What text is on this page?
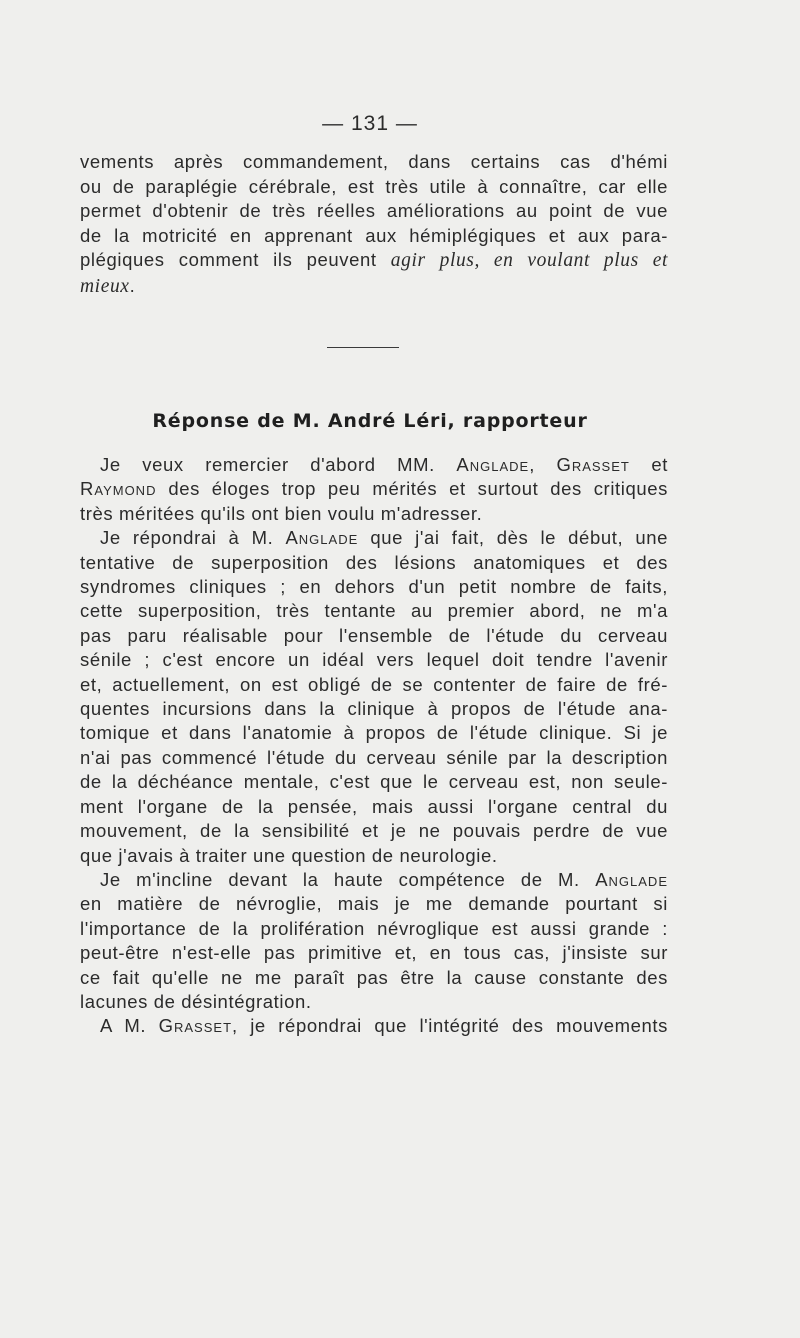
— 131 —
vements après commandement, dans certains cas d'hémi
ou de paraplégie cérébrale, est très utile à connaître, car elle
permet d'obtenir de très réelles améliorations au point de vue
de la motricité en apprenant aux hémiplégiques et aux para-
plégiques comment ils peuvent agir plus, en voulant plus et
mieux.
Réponse de M. André Léri, rapporteur
Je veux remercier d'abord MM. Anglade, Grasset et
Raymond des éloges trop peu mérités et surtout des critiques
très méritées qu'ils ont bien voulu m'adresser.
Je répondrai à M. Anglade que j'ai fait, dès le début, une
tentative de superposition des lésions anatomiques et des
syndromes cliniques ; en dehors d'un petit nombre de faits,
cette superposition, très tentante au premier abord, ne m'a
pas paru réalisable pour l'ensemble de l'étude du cerveau
sénile ; c'est encore un idéal vers lequel doit tendre l'avenir
et, actuellement, on est obligé de se contenter de faire de fré-
quentes incursions dans la clinique à propos de l'étude ana-
tomique et dans l'anatomie à propos de l'étude clinique. Si je
n'ai pas commencé l'étude du cerveau sénile par la description
de la déchéance mentale, c'est que le cerveau est, non seule-
ment l'organe de la pensée, mais aussi l'organe central du
mouvement, de la sensibilité et je ne pouvais perdre de vue
que j'avais à traiter une question de neurologie.
Je m'incline devant la haute compétence de M. Anglade
en matière de névroglie, mais je me demande pourtant si
l'importance de la prolifération névroglique est aussi grande :
peut-être n'est-elle pas primitive et, en tous cas, j'insiste sur
ce fait qu'elle ne me paraît pas être la cause constante des
lacunes de désintégration.
A M. Grasset, je répondrai que l'intégrité des mouvements
